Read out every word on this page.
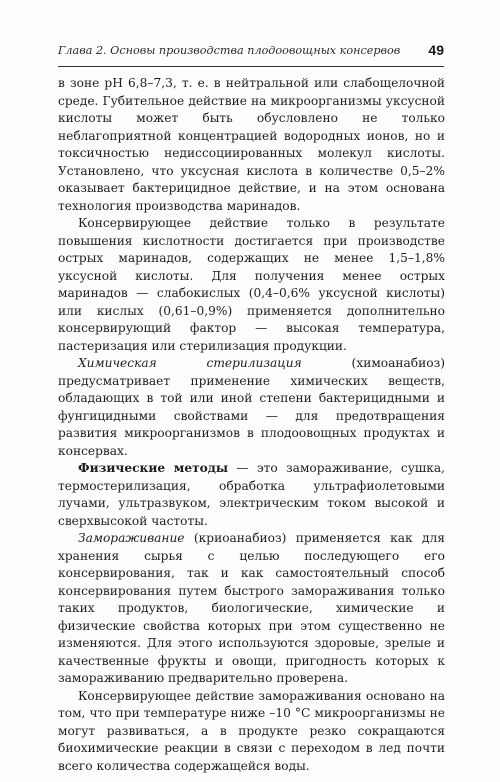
Глава 2. Основы производства плодоовощных консервов	49

в зоне рН 6,8–7,3, т. е. в нейтральной или слабощелочной среде. Губительное действие на микроорганизмы уксусной кислоты может быть обусловлено не только неблагоприятной концентрацией водородных ионов, но и токсичностью недиссоциированных молекул кислоты. Установлено, что уксусная кислота в количестве 0,5–2% оказывает бактерицидное действие, и на этом основана технология производства маринадов.

Консервирующее действие только в результате повышения кислотности достигается при производстве острых маринадов, содержащих не менее 1,5–1,8% уксусной кислоты. Для получения менее острых маринадов — слабокислых (0,4–0,6% уксусной кислоты) или кислых (0,61–0,9%) применяется дополнительно консервирующий фактор — высокая температура, пастеризация или стерилизация продукции.

Химическая стерилизация (химоанабиоз) предусматривает применение химических веществ, обладающих в той или иной степени бактерицидными и фунгицидными свойствами — для предотвращения развития микроорганизмов в плодоовощных продуктах и консервах.

Физические методы — это замораживание, сушка, термостерилизация, обработка ультрафиолетовыми лучами, ультразвуком, электрическим током высокой и сверхвысокой частоты.

Замораживание (криоанабиоз) применяется как для хранения сырья с целью последующего его консервирования, так и как самостоятельный способ консервирования путем быстрого замораживания только таких продуктов, биологические, химические и физические свойства которых при этом существенно не изменяются. Для этого используются здоровые, зрелые и качественные фрукты и овощи, пригодность которых к замораживанию предварительно проверена.

Консервирующее действие замораживания основано на том, что при температуре ниже –10 °С микроорганизмы не могут развиваться, а в продукте резко сокращаются биохимические реакции в связи с переходом в лед почти всего количества содержащейся воды.
